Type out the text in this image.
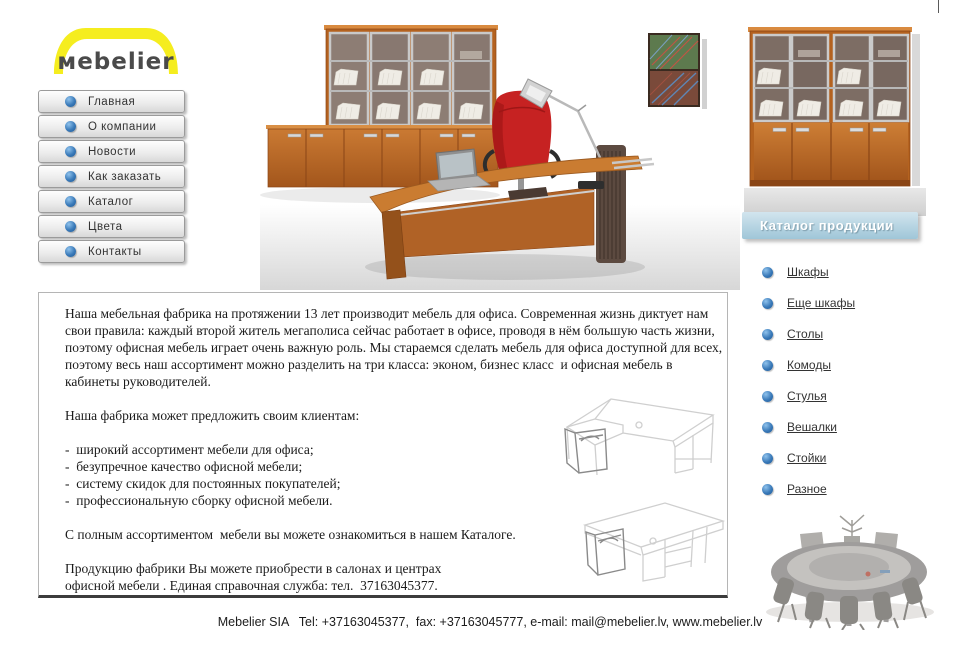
мebelier
Главная
О компании
Новости
Как заказать
Каталог
Цвета
Контакты
Каталог продукции
Шкафы
Еще шкафы
Столы
Комоды
Стулья
Вешалки
Стойки
Разное
Наша мебельная фабрика на протяжении 13 лет производит мебель для офиса. Современная жизнь диктует нам свои правила: каждый второй житель мегаполиса сейчас работает в офисе, проводя в нём большую часть жизни, поэтому офисная мебель играет очень важную роль. Мы стараемся сделать мебель для офиса доступной для всех, поэтому весь наш ассортимент можно разделить на три класса: эконом, бизнес класс  и офисная мебель в кабинеты руководителей.
Наша фабрика может предложить своим клиентам:
-  широкий ассортимент мебели для офиса;
-  безупречное качество офисной мебели;
-  систему скидок для постоянных покупателей;
-  профессиональную сборку офисной мебели.
С полным ассортиментом  мебели вы можете ознакомиться в нашем Каталоге.
Продукцию фабрики Вы можете приобрести в салонах и центрах
офисной мебели . Единая справочная служба: тел.  37163045377.
Mebelier SIA   Tel: +37163045377,  fax: +37163045777, e-mail: mail@mebelier.lv, www.mebelier.lv
